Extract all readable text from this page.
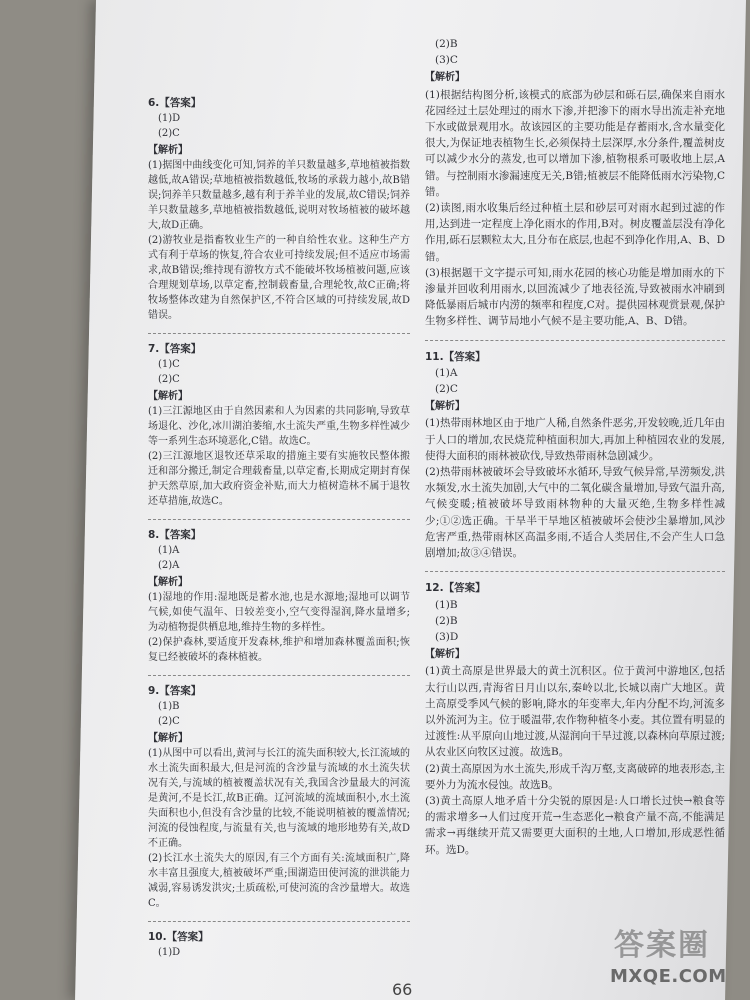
6.【答案】
(1)D
(2)C
【解析】

(1)据图中曲线变化可知,饲养的羊只数量越多,草地植被指数越低,故A错误;草地植被指数越低,牧场的承载力越小,故B错误;饲养羊只数量越多,越有利于养羊业的发展,故C错误;饲养羊只数量越多,草地植被指数越低,说明对牧场植被的破坏越大,故D正确。

(2)游牧业是指畜牧业生产的一种自给性农业。这种生产方式有利于草场的恢复,符合农业可持续发展;但不适应市场需求,故B错误;维持现有游牧方式不能破坏牧场植被问题,应该合理规划草场,以草定畜,控制载畜量,合理轮牧,故C正确;将牧场整体改建为自然保护区,不符合区域的可持续发展,故D错误。

7.【答案】
(1)C
(2)C
【解析】

(1)三江源地区由于自然因素和人为因素的共同影响,导致草场退化、沙化,冰川湖泊萎缩,水土流失严重,生物多样性减少等一系列生态环境恶化,C错。故选C。

(2)三江源地区退牧还草采取的措施主要有实施牧民整体搬迁和部分搬迁,制定合理载畜量,以草定畜,长期成定期封育保护天然草原,加大政府资金补贴,而大力植树造林不属于退牧还草措施,故选C。

8.【答案】
(1)A
(2)A
【解析】

(1)湿地的作用:湿地既是蓄水池,也是水源地;湿地可以调节气候,如使气温年、日较差变小,空气变得湿润,降水量增多;为动植物提供栖息地,维持生物的多样性。

(2)保护森林,要适度开发森林,维护和增加森林覆盖面积;恢复已经被破坏的森林植被。

9.【答案】
(1)B
(2)C
【解析】

(1)从图中可以看出,黄河与长江的流失面积较大,长江流域的水土流失面积最大,但是河流的含沙量与流域的水土流失状况有关,与流域的植被覆盖状况有关,我国含沙量最大的河流是黄河,不是长江,故B正确。辽河流域的流域面积小,水土流失面积也小,但没有含沙量的比较,不能说明植被的覆盖情况;河流的侵蚀程度,与流量有关,也与流域的地形地势有关,故D不正确。

(2)长江水土流失大的原因,有三个方面有关:流域面积广,降水丰富且强度大,植被破坏严重;围湖造田使河流的泄洪能力减弱,容易诱发洪灾;土质疏松,可使河流的含沙量增大。故选C。

10.【答案】
(1)D
(2)B
(3)C
【解析】

(1)根据结构图分析,该模式的底部为砂层和砾石层,确保来自雨水花园经过土层处理过的雨水下渗,并把渗下的雨水导出流走补充地下水或做景观用水。故该园区的主要功能是存蓄雨水,含水量变化很大,为保证地表植物生长,必须保持土层深厚,水分条件,覆盖树皮可以减少水分的蒸发,也可以增加下渗,植物根系可吸收地上层,A错。与控制雨水渗漏速度无关,B错;植被层不能降低雨水污染物,C错。

(2)读图,雨水收集后经过种植土层和砂层可对雨水起到过滤的作用,达到进一定程度上净化雨水的作用,B对。树皮覆盖层没有净化作用,砾石层颗粒太大,且分布在底层,也起不到净化作用,A、B、D错。

(3)根据题干文字提示可知,雨水花园的核心功能是增加雨水的下渗量并回收利用雨水,以回流减少了地表径流,导致被雨水冲刷到降低暴雨后城市内涝的频率和程度,C对。提供园林观赏景观,保护生物多样性、调节局地小气候不是主要功能,A、B、D错。

11.【答案】
(1)A
(2)C
【解析】

(1)热带雨林地区由于地广人稀,自然条件恶劣,开发较晚,近几年由于人口的增加,农民烧荒种植面积加大,再加上种植园农业的发展,使得大面积的雨林被砍伐,导致热带雨林急剧减少。

(2)热带雨林被破坏会导致破坏水循环,导致气候异常,旱涝频发,洪水频发,水土流失加剧,大气中的二氧化碳含量增加,导致气温升高,气候变暖;植被破坏导致雨林物种的大量灭绝,生物多样性减少;①②选正确。干旱半干旱地区植被破坏会使沙尘暴增加,风沙危害严重,热带雨林区高温多雨,不适合人类居住,不会产生人口急剧增加;故③④错误。

12.【答案】
(1)B
(2)B
(3)D
【解析】

(1)黄土高原是世界最大的黄土沉积区。位于黄河中游地区,包括太行山以西,青海省日月山以东,秦岭以北,长城以南广大地区。黄土高原受季风气候的影响,降水的年变率大,年内分配不均,河流多以外流河为主。位于暖温带,农作物种植冬小麦。其位置有明显的过渡性:从平原向山地过渡,从湿润向干旱过渡,以森林向草原过渡;从农业区向牧区过渡。故选B。

(2)黄土高原因为水土流失,形成千沟万壑,支离破碎的地表形态,主要外力为流水侵蚀。故选B。

(3)黄土高原人地矛盾十分尖锐的原因是:人口增长过快→粮食等的需求增多→人们过度开荒→生态恶化→粮食产量不高,不能满足需求→再继续开荒又需要更大面积的土地,人口增加,形成恶性循环。选D。

66
答案圈
MXQE.COM
